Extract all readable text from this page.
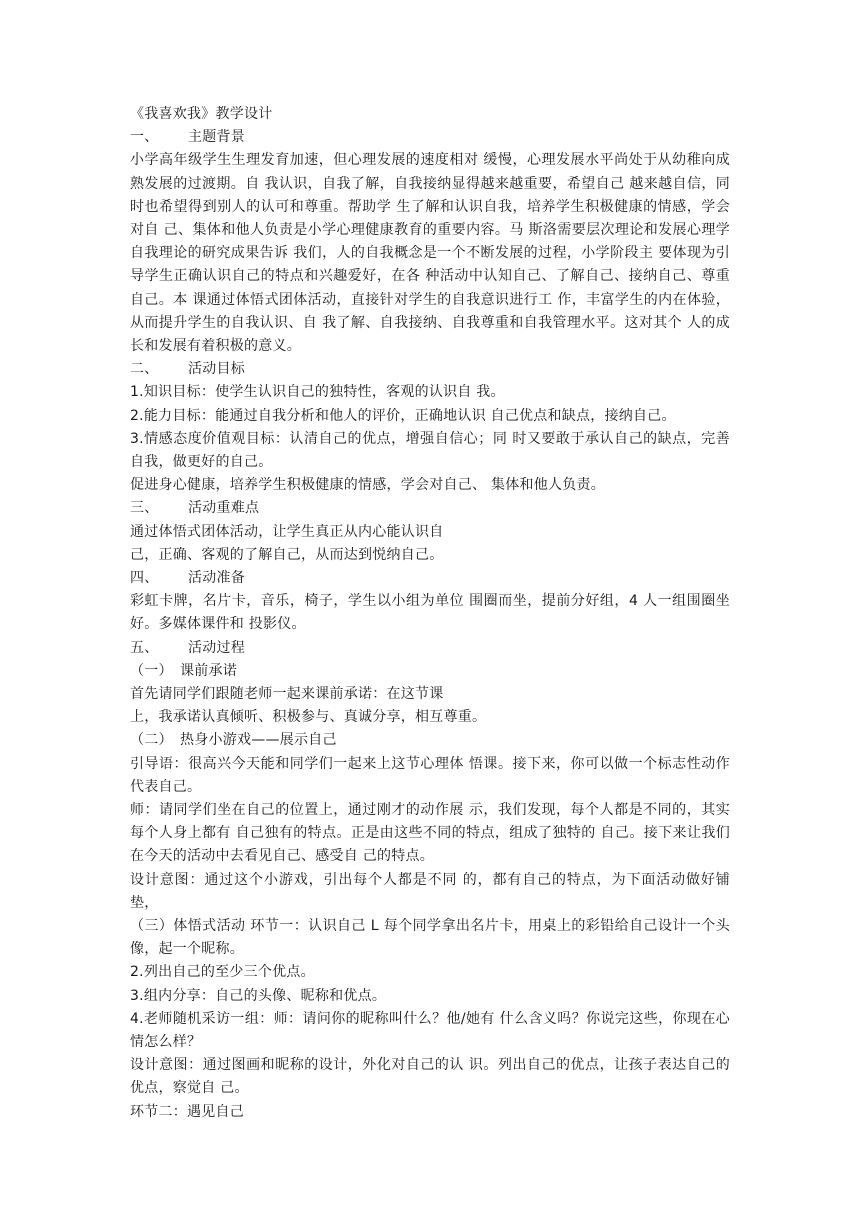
《我喜欢我》教学设计
一、 主题背景
小学高年级学生生理发育加速，但心理发展的速度相对 缓慢，心理发展水平尚处于从幼稚向成熟发展的过渡期。自 我认识，自我了解，自我接纳显得越来越重要，希望自己 越来越自信，同时也希望得到别人的认可和尊重。帮助学 生了解和认识自我，培养学生积极健康的情感，学会对自 己、集体和他人负责是小学心理健康教育的重要内容。马 斯洛需要层次理论和发展心理学自我理论的研究成果告诉 我们，人的自我概念是一个不断发展的过程，小学阶段主 要体现为引导学生正确认识自己的特点和兴趣爱好，在各 种活动中认知自己、了解自己、接纳自己、尊重自己。本 课通过体悟式团体活动，直接针对学生的自我意识进行工 作，丰富学生的内在体验，从而提升学生的自我认识、自 我了解、自我接纳、自我尊重和自我管理水平。这对其个 人的成长和发展有着积极的意义。
二、 活动目标
1.知识目标：使学生认识自己的独特性，客观的认识自 我。
2.能力目标：能通过自我分析和他人的评价，正确地认识 自己优点和缺点，接纳自己。
3.情感态度价值观目标：认清自己的优点，增强自信心；同 时又要敢于承认自己的缺点，完善自我，做更好的自己。
促进身心健康，培养学生积极健康的情感，学会对自己、 集体和他人负责。
三、 活动重难点
通过体悟式团体活动，让学生真正从内心能认识自
己，正确、客观的了解自己，从而达到悦纳自己。
四、 活动准备
彩虹卡牌，名片卡，音乐，椅子，学生以小组为单位 围圈而坐，提前分好组，4 人一组围圈坐好。多媒体课件和 投影仪。
五、 活动过程
（一） 课前承诺
首先请同学们跟随老师一起来课前承诺：在这节课
上，我承诺认真倾听、积极参与、真诚分享，相互尊重。
（二） 热身小游戏——展示自己
引导语：很高兴今天能和同学们一起来上这节心理体 悟课。接下来，你可以做一个标志性动作代表自己。
师：请同学们坐在自己的位置上，通过刚才的动作展 示，我们发现，每个人都是不同的，其实每个人身上都有 自己独有的特点。正是由这些不同的特点，组成了独特的 自己。接下来让我们在今天的活动中去看见自己、感受自 己的特点。
设计意图：通过这个小游戏，引出每个人都是不同 的，都有自己的特点，为下面活动做好铺垫，
（三）体悟式活动 环节一：认识自己 L 每个同学拿出名片卡，用桌上的彩铅给自己设计一个头 像，起一个昵称。
2.列出自己的至少三个优点。
3.组内分享：自己的头像、昵称和优点。
4.老师随机采访一组：师：请问你的昵称叫什么？他/她有 什么含义吗？你说完这些，你现在心情怎么样？
设计意图：通过图画和昵称的设计，外化对自己的认 识。列出自己的优点，让孩子表达自己的优点，察觉自 己。
环节二：遇见自己
